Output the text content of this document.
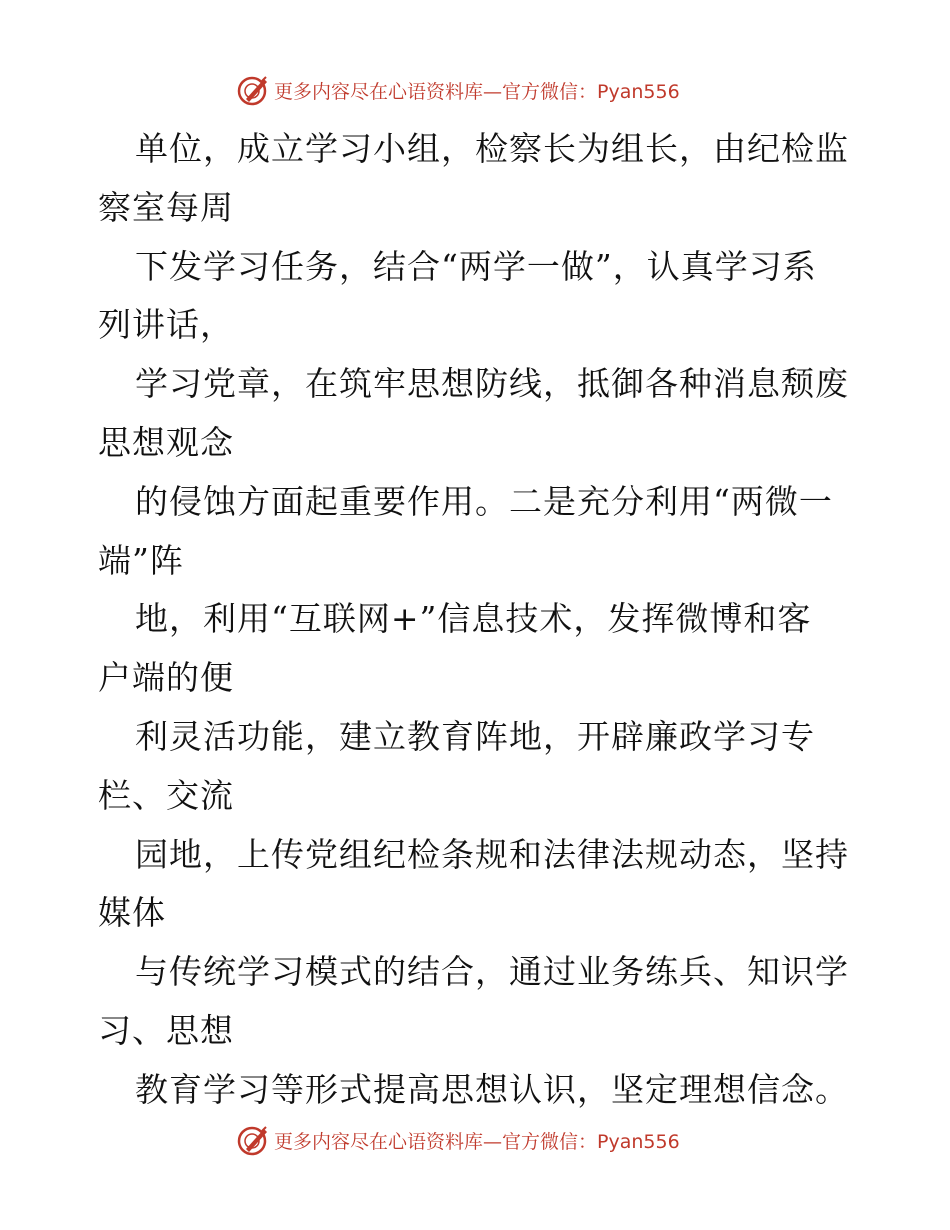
更多内容尽在心语资料库—官方微信：Pyan556
单位，成立学习小组，检察长为组长，由纪检监
察室每周
下发学习任务，结合“两学一做”，认真学习系
列讲话，
学习党章，在筑牢思想防线，抵御各种消息颓废
思想观念
的侵蚀方面起重要作用。二是充分利用“两微一
端”阵
地，利用“互联网+”信息技术，发挥微博和客
户端的便
利灵活功能，建立教育阵地，开辟廉政学习专
栏、交流
园地，上传党组纪检条规和法律法规动态，坚持
媒体
与传统学习模式的结合，通过业务练兵、知识学
习、思想
教育学习等形式提高思想认识，坚定理想信念。
更多内容尽在心语资料库—官方微信：Pyan556
